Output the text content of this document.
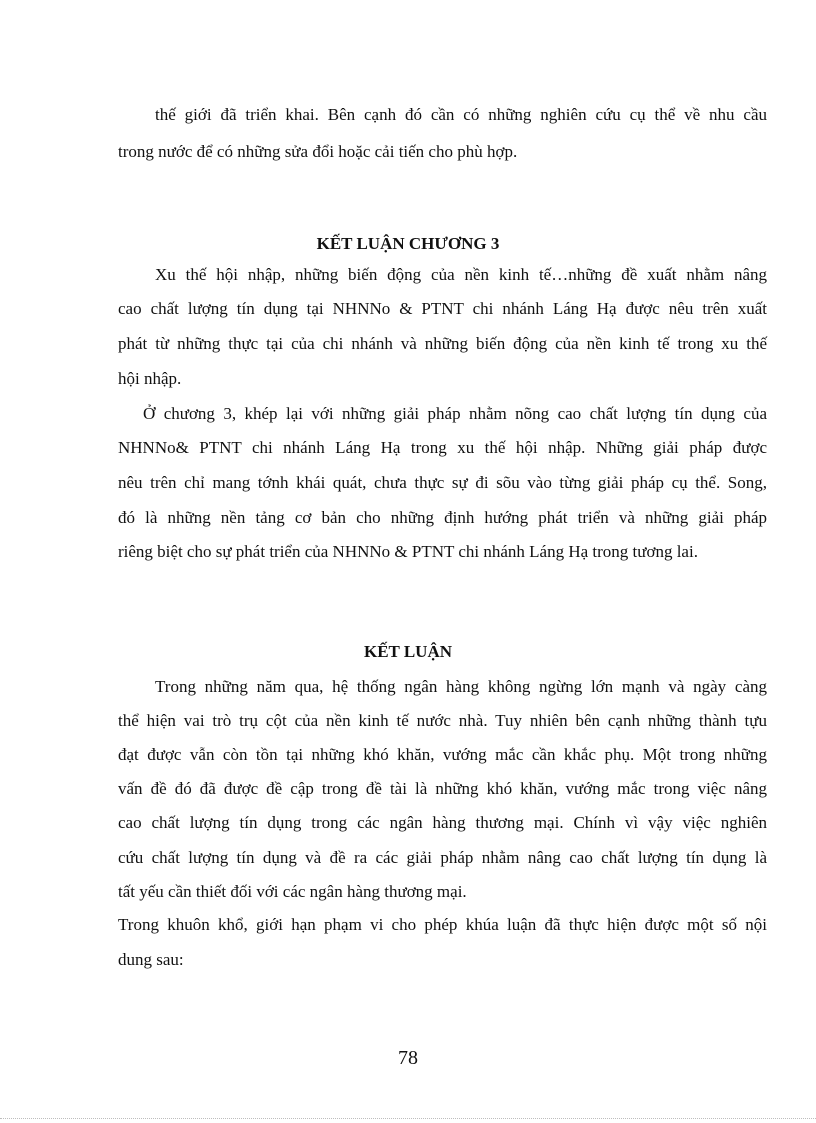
thế giới đã triển khai. Bên cạnh đó cần có những nghiên cứu cụ thể về nhu cầu

trong nước để có những sửa đổi hoặc cải tiến cho phù hợp.

KẾT LUẬN CHƯƠNG 3

Xu thế hội nhập, những biến động của nền kinh tế…những đề xuất nhằm nâng

cao chất lượng tín dụng tại NHNNo & PTNT chi nhánh Láng Hạ được nêu trên xuất

phát từ những thực tại của chi nhánh và những biến động của nền kinh tế trong xu thế

hội nhập.

Ở chương 3, khép lại với những giải pháp nhằm nõng cao chất lượng tín dụng của

NHNNo& PTNT chi nhánh Láng Hạ trong xu thế hội nhập. Những giải pháp được

nêu trên chỉ mang tớnh khái quát, chưa thực sự đi sõu vào từng giải pháp cụ thể. Song,

đó là những nền tảng cơ bản cho những định hướng phát triển và những giải pháp

riêng biệt cho sự phát triển của NHNNo & PTNT chi nhánh Láng Hạ trong tương lai.

KẾT LUẬN

Trong những năm qua, hệ thống ngân hàng không ngừng lớn mạnh và ngày càng

thể hiện vai trò trụ cột của nền kinh tế nước nhà. Tuy nhiên bên cạnh những thành tựu

đạt được vẫn còn tồn tại những khó khăn, vướng mắc cần khắc phụ. Một trong những

vấn đề đó đã được đề cập trong đề tài là những khó khăn, vướng mắc trong việc nâng

cao chất lượng tín dụng trong các ngân hàng thương mại. Chính vì vậy việc nghiên

cứu chất lượng tín dụng và đề ra các giải pháp nhằm nâng cao chất lượng tín dụng là

tất yếu cần thiết đối với các ngân hàng thương mại.

Trong khuôn khổ, giới hạn phạm vi cho phép khúa luận đã thực hiện được một số nội

dung sau:

78
